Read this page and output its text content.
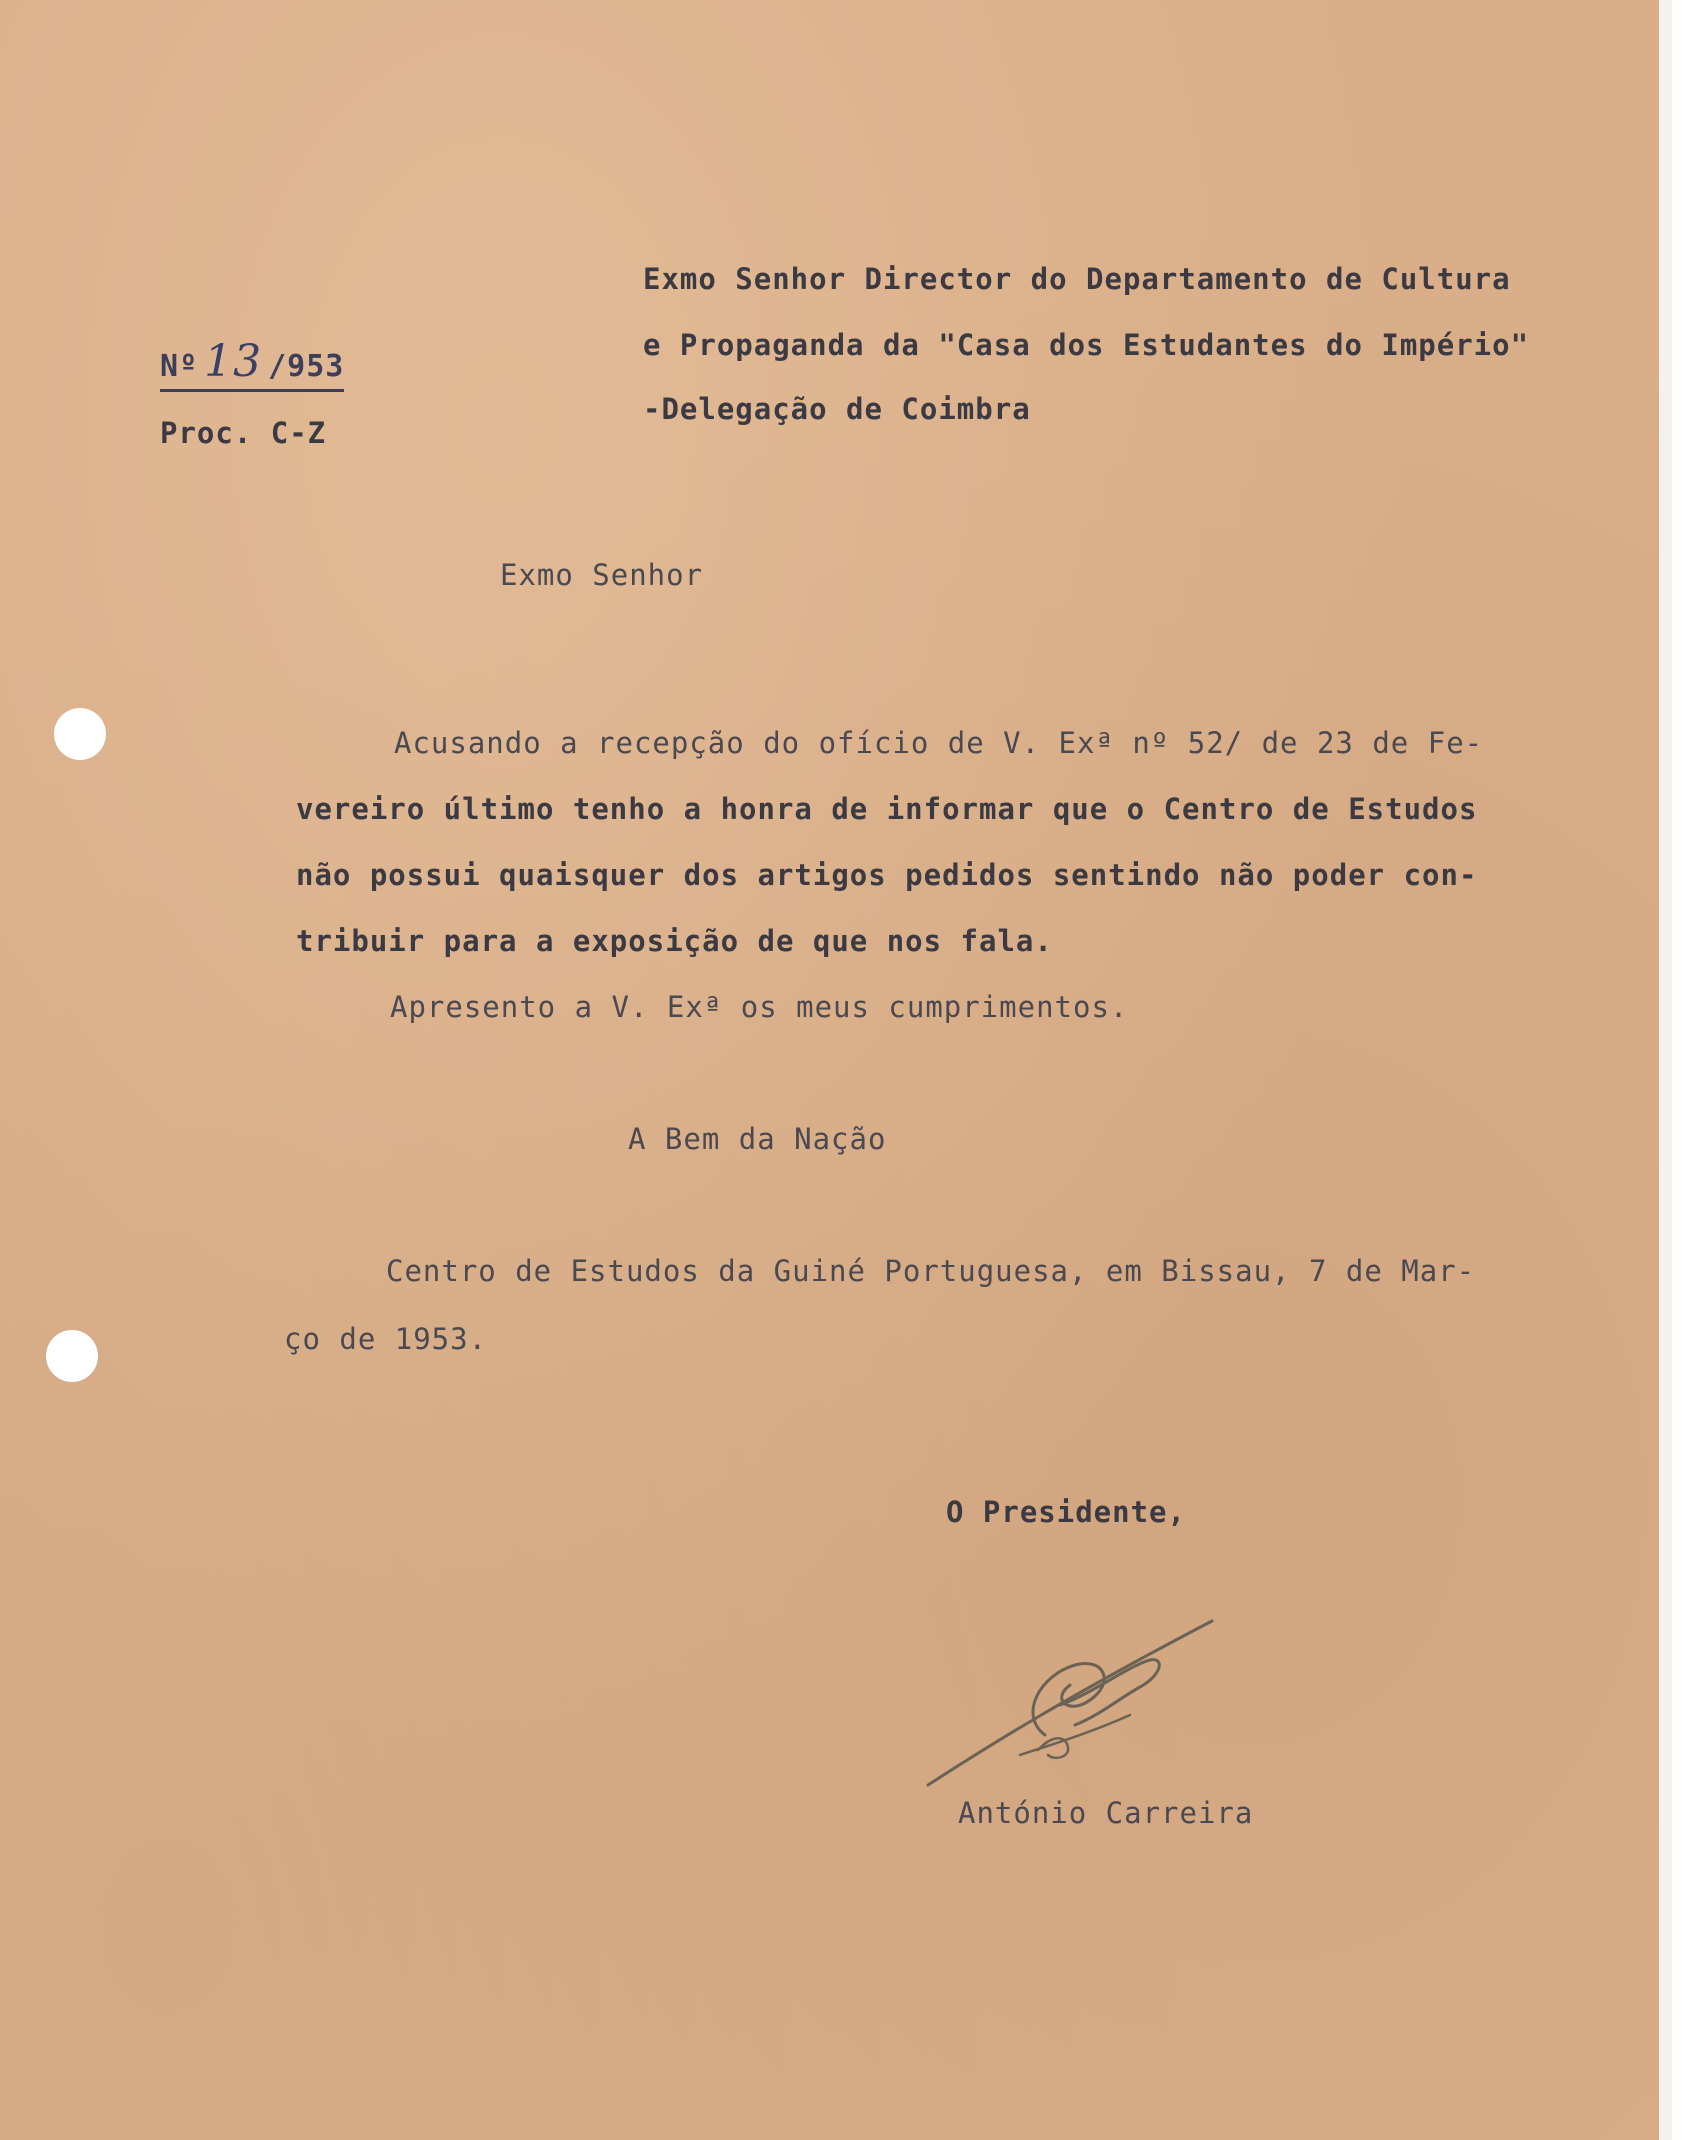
Exmo Senhor Director do Departamento de Cultura
e Propaganda da "Casa dos Estudantes do Império"
-Delegação de Coimbra
Nº 13 /953
Proc. C-Z
Exmo Senhor
Acusando a recepção do ofício de V. Exª nº 52/ de 23 de Fe-
vereiro último tenho a honra de informar que o Centro de Estudos
não possui quaisquer dos artigos pedidos sentindo não poder con-
tribuir para a exposição de que nos fala.
Apresento a V. Exª os meus cumprimentos.
A Bem da Nação
Centro de Estudos da Guiné Portuguesa, em Bissau, 7 de Mar-
ço de 1953.
O Presidente,
António Carreira
